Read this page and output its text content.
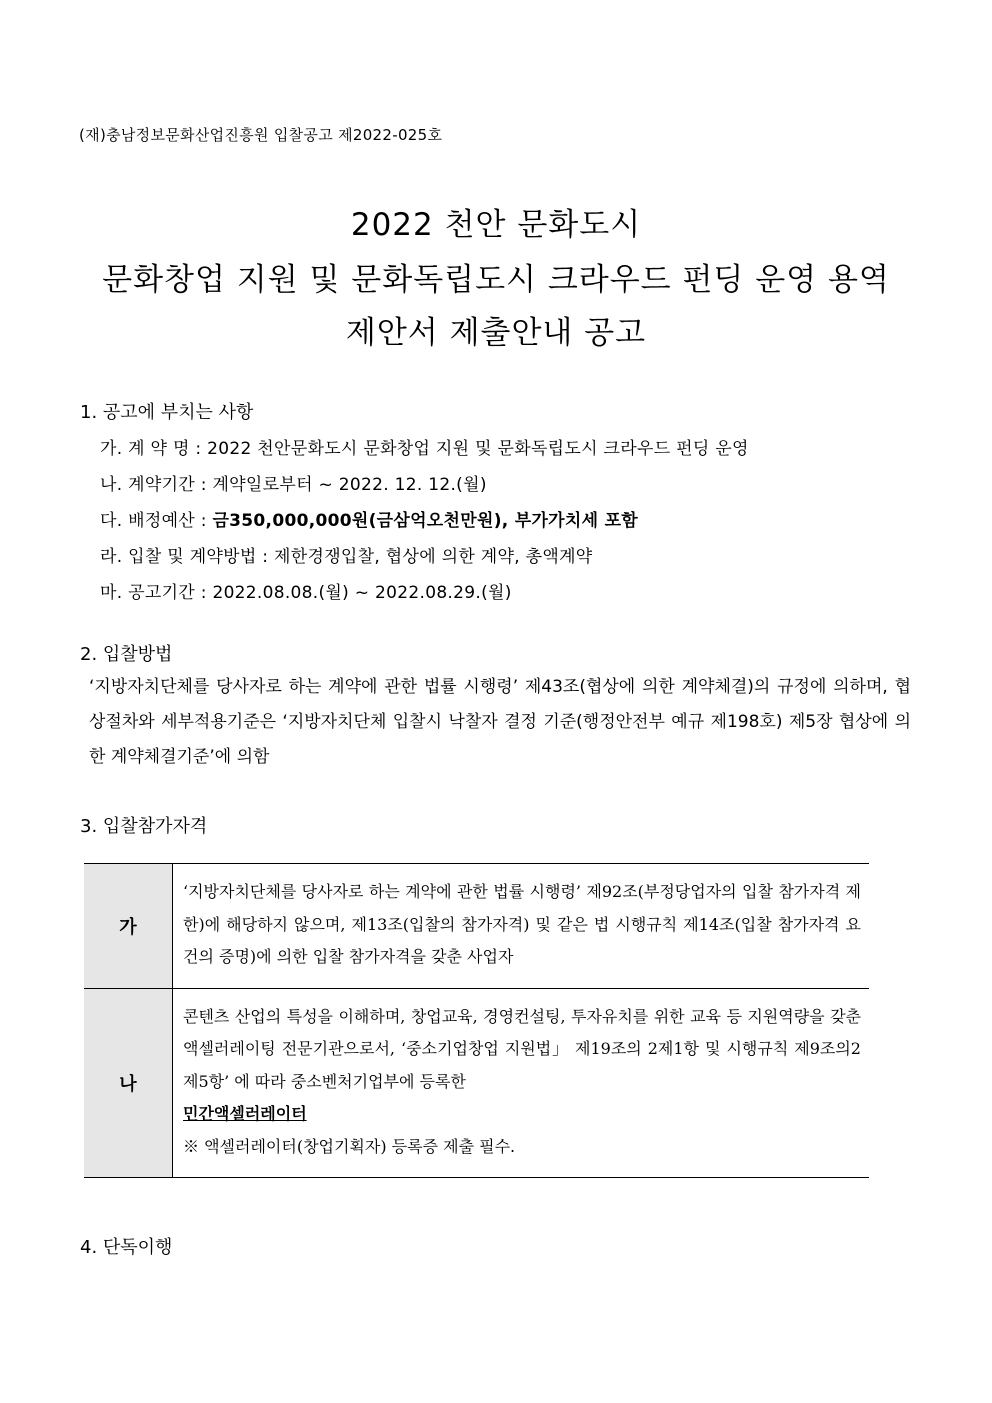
(재)충남정보문화산업진흥원 입찰공고 제2022-025호
2022 천안 문화도시
문화창업 지원 및 문화독립도시 크라우드 펀딩 운영 용역
제안서 제출안내 공고
1. 공고에 부치는 사항
가. 계 약 명 : 2022 천안문화도시 문화창업 지원 및 문화독립도시 크라우드 펀딩 운영
나. 계약기간 : 계약일로부터 ~ 2022. 12. 12.(월)
다. 배정예산 : 금350,000,000원(금삼억오천만원), 부가가치세 포함
라. 입찰 및 계약방법 : 제한경쟁입찰, 협상에 의한 계약, 총액계약
마. 공고기간 : 2022.08.08.(월) ~ 2022.08.29.(월)
2. 입찰방법
‘지방자치단체를 당사자로 하는 계약에 관한 법률 시행령’ 제43조(협상에 의한 계약체결)의 규정에 의하며, 협상절차와 세부적용기준은 ‘지방자치단체 입찰시 낙찰자 결정 기준(행정안전부 예규 제198호) 제5장 협상에 의한 계약체결기준’에 의함
3. 입찰참가자격
가	‘지방자치단체를 당사자로 하는 계약에 관한 법률 시행령’ 제92조(부정당업자의 입찰 참가자격 제한)에 해당하지 않으며, 제13조(입찰의 참가자격) 및 같은 법 시행규칙 제14조(입찰 참가자격 요건의 증명)에 의한 입찰 참가자격을 갖춘 사업자
나	콘텐츠 산업의 특성을 이해하며, 창업교육, 경영컨설팅, 투자유치를 위한 교육 등 지원역량을 갖춘 액셀러레이팅 전문기관으로서, ‘중소기업창업 지원법」 제19조의 2제1항 및 시행규칙 제9조의2제5항’ 에 따라 중소벤처기업부에 등록한
민간액셀러레이터
※ 액셀러레이터(창업기획자) 등록증 제출 필수.
4. 단독이행
